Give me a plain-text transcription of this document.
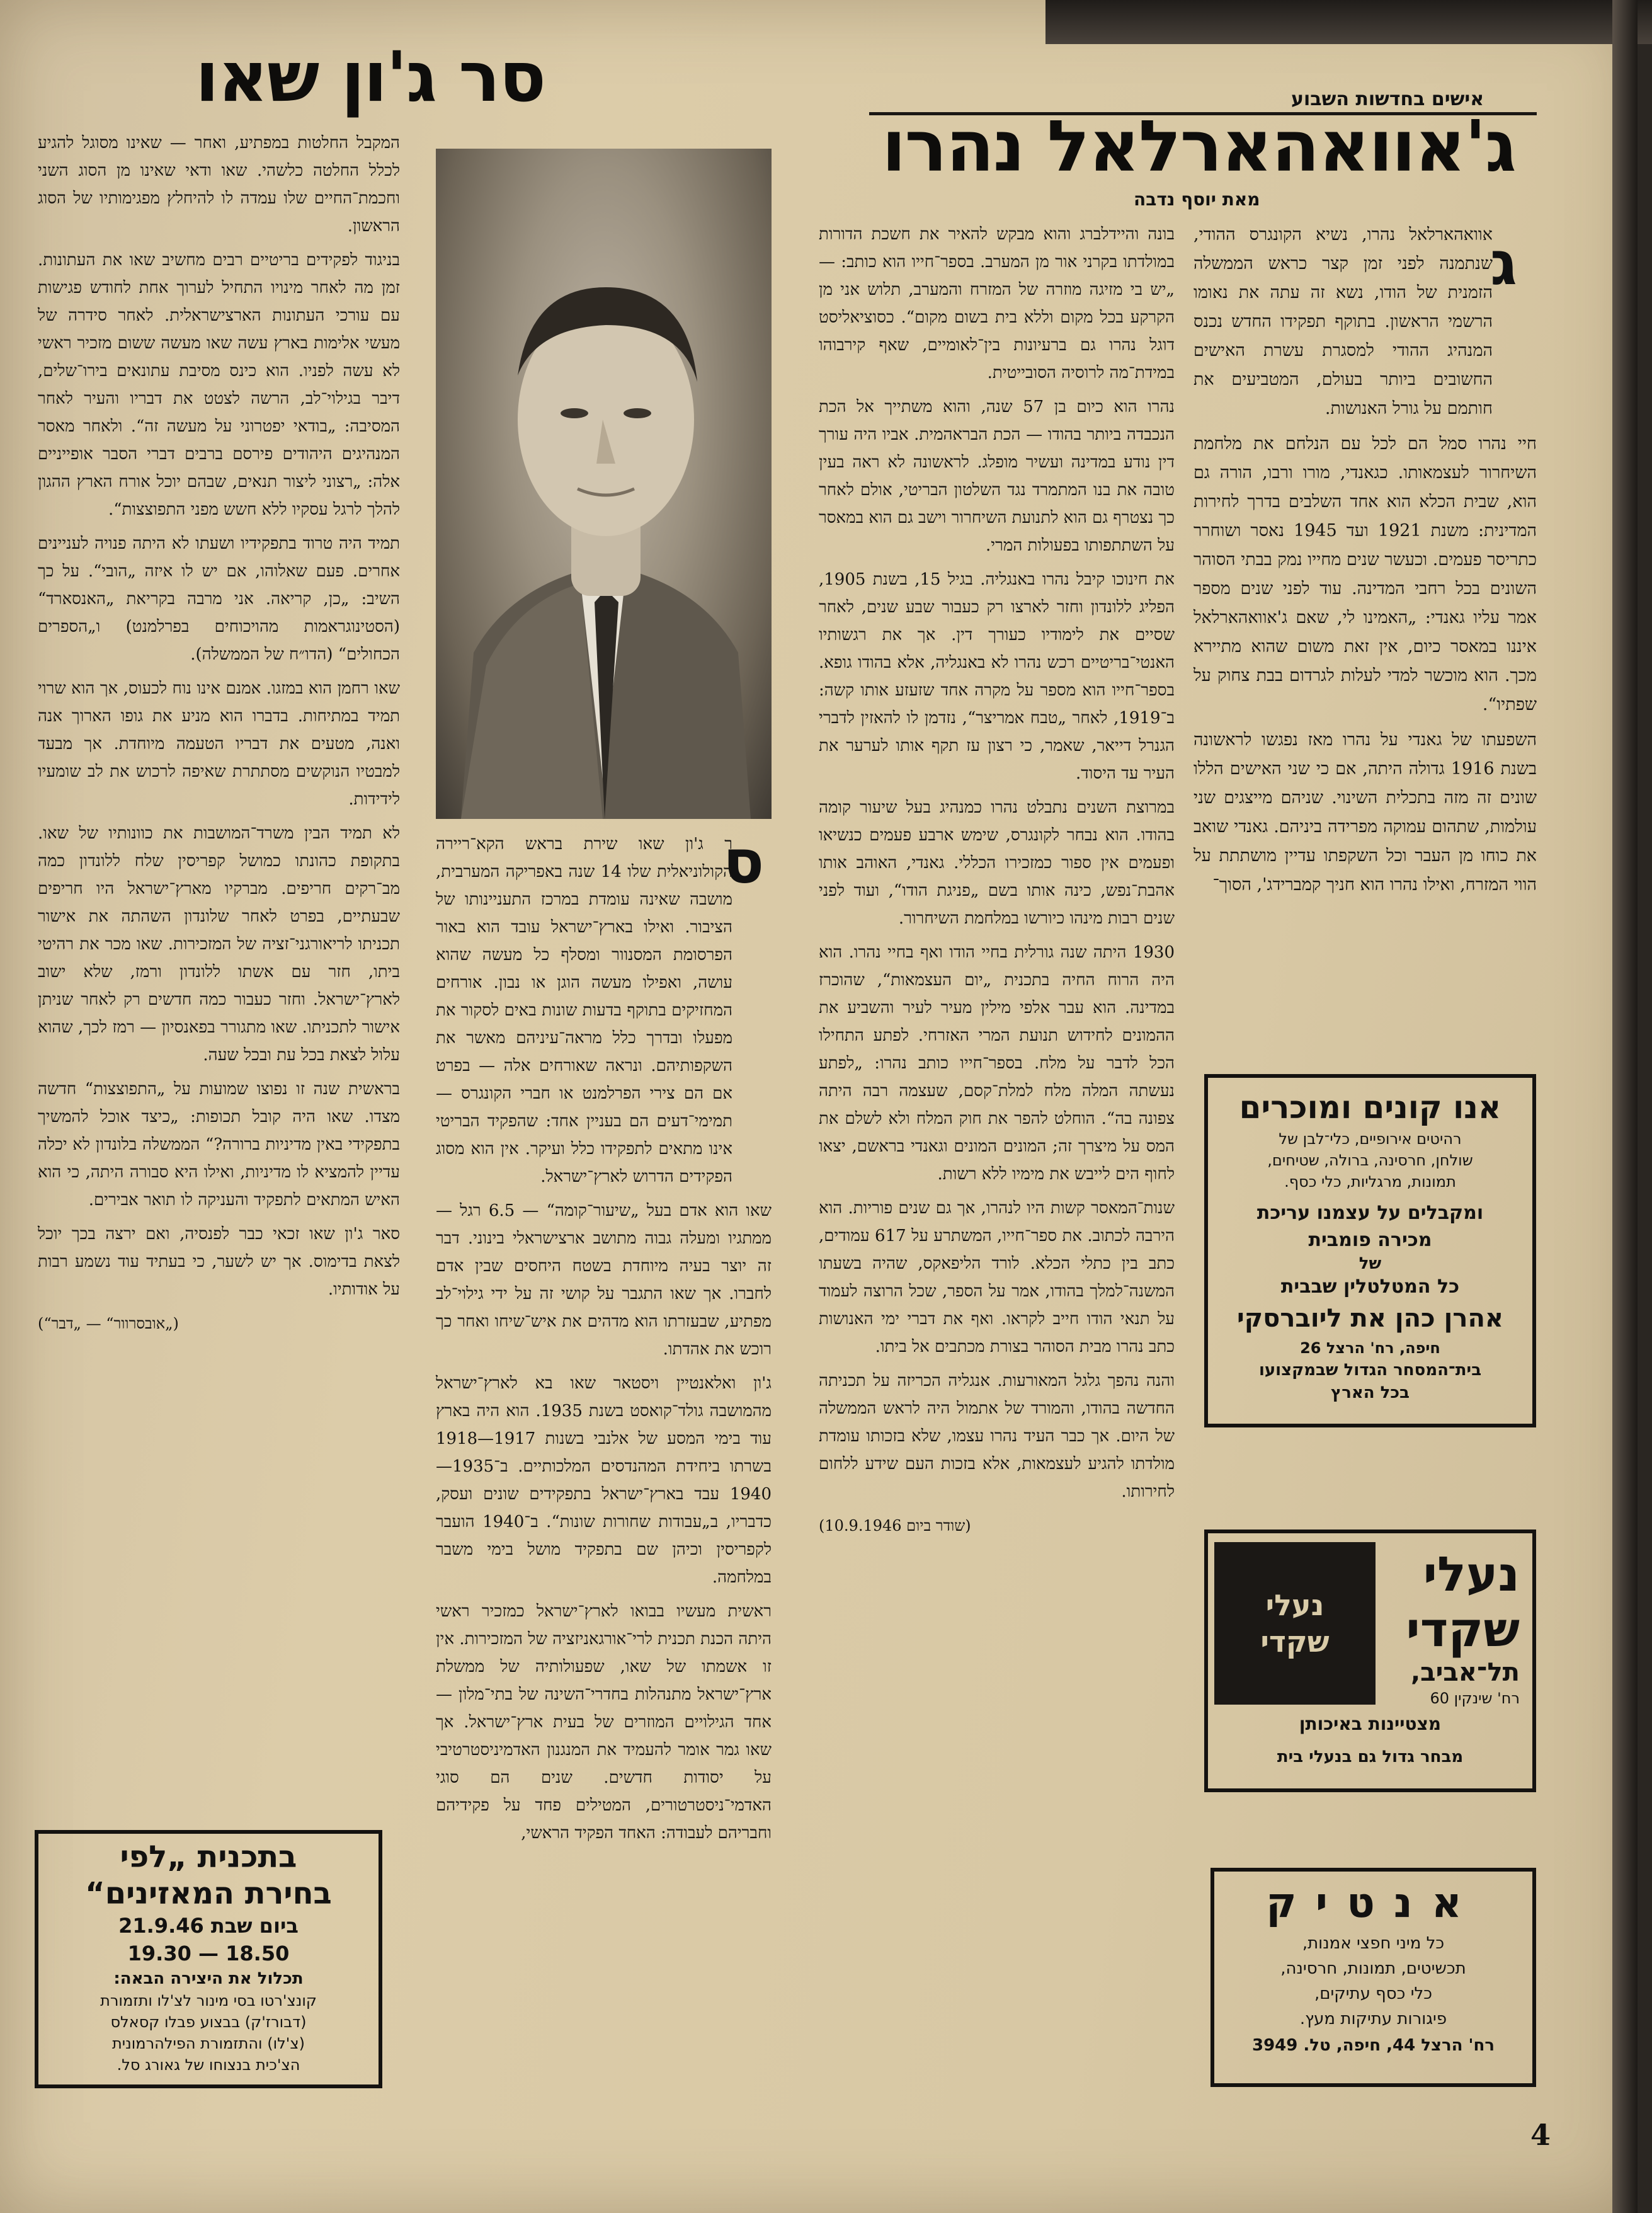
סר ג'ון שאו	אישים בחדשות השבוע
ג'אוואהארלאל נהרו
מאת יוסף נדבה
ג

אוואהארלאל נהרו, נשיא הקונגרס ההודי, שנתמנה לפני זמן קצר כראש הממשלה הזמנית של הודו, נשא זה עתה את נאומו הרשמי הראשון. בתוקף תפקידו החדש נכנס המנהיג ההודי למסגרת עשרת האישים החשובים ביותר בעולם, המטביעים את חותמם על גורל האנושות.

חיי נהרו סמל הם לכל עם הנלחם את מלחמת השיחרור לעצמאותו. כגאנדי, מורו ורבו, הורה גם הוא, שבית הכלא הוא אחד השלבים בדרך לחירות המדינית: משנת 1921 ועד 1945 נאסר ושוחרר כתריסר פעמים. וכעשר שנים מחייו נמק בבתי הסוהר השונים בכל רחבי המדינה. עוד לפני שנים מספר אמר עליו גאנדי: „האמינו לי, שאם ג'אוואהארלאל איננו במאסר כיום, אין זאת משום שהוא מתיירא מכך. הוא מוכשר למדי לעלות לגרדום בבת צחוק על שפתיו“.

השפעתו של גאנדי על נהרו מאז נפגשו לראשונה בשנת 1916 גדולה היתה, אם כי שני האישים הללו שונים זה מזה בתכלית השינוי. שניהם מייצגים שני עולמות, שתהום עמוקה מפרידה ביניהם. גאנדי שואב את כוחו מן העבר וכל השקפתו עדיין מושתתת על הווי המזרח, ואילו נהרו הוא חניך קמברידג', הסוך־

בונה והיידלברג והוא מבקש להאיר את חשכת הדורות במולדתו בקרני אור מן המערב. בספר־חייו הוא כותב: — „יש בי מזיגה מוזרה של המזרח והמערב, תלוש אני מן הקרקע בכל מקום וללא בית בשום מקום“. כסוציאליסט דוגל נהרו גם ברעיונות בין־לאומיים, שאף קירבוהו במידת־מה לרוסיה הסובייטית.

נהרו הוא כיום בן 57 שנה, והוא משתייך אל הכת הנכבדה ביותר בהודו — הכת הבראהמית. אביו היה עורך דין נודע במדינה ועשיר מופלג. לראשונה לא ראה בעין טובה את בנו המתמרד נגד השלטון הבריטי, אולם לאחר כך נצטרף גם הוא לתנועת השיחרור וישב גם הוא במאסר על השתתפותו בפעולות המרי.

את חינוכו קיבל נהרו באנגליה. בגיל 15, בשנת 1905, הפליג ללונדון וחזר לארצו רק כעבור שבע שנים, לאחר שסיים את לימודיו כעורך דין. אך את רגשותיו האנטי־בריטיים רכש נהרו לא באנגליה, אלא בהודו גופא. בספר־חייו הוא מספר על מקרה אחד שזעזע אותו קשה: ב־1919, לאחר „טבח אמריצר“, נזדמן לו להאזין לדברי הגנרל דייאר, שאמר, כי רצון עז תקף אותו לערער את העיר עד היסוד.

במרוצת השנים נתבלט נהרו כמנהיג בעל שיעור קומה בהודו. הוא נבחר לקונגרס, שימש ארבע פעמים כנשיאו ופעמים אין ספור כמזכירו הכללי. גאנדי, האוהב אותו אהבת־נפש, כינה אותו בשם „פניגת הודו“, ועוד לפני שנים רבות מינהו כיורשו במלחמת השיחרור.

1930 היתה שנה גורלית בחיי הודו ואף בחיי נהרו. הוא היה הרוח החיה בתכנית „יום העצמאות“, שהוכרז במדינה. הוא עבר אלפי מילין מעיר לעיר והשביע את ההמונים לחידוש תנועת המרי האזרחי. לפתע התחילו הכל לדבר על מלח. בספר־חייו כותב נהרו: „לפתע נעשתה המלה מלח למלת־קסם, שעצמה רבה היתה צפונה בה“. הוחלט להפר את חוק המלח ולא לשלם את המס על מיצרך זה; המונים המונים וגאנדי בראשם, יצאו לחוף הים לייבש את מימיו ללא רשות.

שנות־המאסר קשות היו לנהרו, אך גם שנים פוריות. הוא הירבה לכתוב. את ספר־חייו, המשתרע על 617 עמודים, כתב בין כתלי הכלא. לורד הליפאקס, שהיה בשעתו המשנה־למלך בהודו, אמר על הספר, שכל הרוצה לעמוד על תנאי הודו חייב לקראו. ואף את דברי ימי האנושות כתב נהרו מבית הסוהר בצורת מכתבים אל ביתו.

והנה נהפך גלגל המאורעות. אנגליה הכריזה על תכניתה החדשה בהודו, והמורד של אתמול היה לראש הממשלה של היום. אך כבר העיד נהרו עצמו, שלא בזכותו עומדת מולדתו להגיע לעצמאות, אלא בזכות העם שידע ללחום לחירותו.

(שודר ביום 10.9.1946)

ס

ר ג'ון שאו שירת בראש הקא־ריירה הקולוניאלית שלו 14 שנה באפריקה המערבית, מושבה שאינה עומדת במרכז התעניינותו של הציבור. ואילו בארץ־ישראל עובד הוא באור הפרסומת המסנוור ומסלף כל מעשה שהוא עושה, ואפילו מעשה הוגן או נבון. אורחים המחזיקים בתוקף בדעות שונות באים לסקור את מפעלו ובדרך כלל מראה־עיניהם מאשר את השקפותיהם. ונראה שאורחים אלה — בפרט אם הם צירי הפרלמנט או חברי הקונגרס — תמימי־דעים הם בעניין אחד: שהפקיד הבריטי אינו מתאים לתפקידו כלל ועיקר. אין הוא מסוג הפקידים הדרוש לארץ־ישראל.

שאו הוא אדם בעל „שיעור־קומה“ — 6.5 רגל — ממתגיו ומעלה גבוה מתושב ארצישראלי בינוני. דבר זה יוצר בעיה מיוחדת בשטח היחסים שבין אדם לחברו. אך שאו התגבר על קושי זה על ידי גילוי־לב מפתיע, שבעזרתו הוא מדהים את איש־שיחו ואחר כך רוכש את אהדתו.

ג'ון ואלאנטיין ויסטאר שאו בא לארץ־ישראל מהמושבה גולד־קואסט בשנת 1935. הוא היה בארץ עוד בימי המסע של אלנבי בשנות 1917—1918 בשרתו ביחידת המהנדסים המלכותיים. ב־1935—1940 עבד בארץ־ישראל בתפקידים שונים ועסק, כדבריו, ב„עבודות שחורות שונות“. ב־1940 הועבר לקפריסין וכיהן שם בתפקיד מושל בימי משבר במלחמה.

ראשית מעשיו בבואו לארץ־ישראל כמזכיר ראשי היתה הכנת תכנית לרי־אורגאניזציה של המזכירות. אין זו אשמתו של שאו, שפעולותיה של ממשלת ארץ־ישראל מתנהלות בחדרי־השינה של בתי־מלון — אחד הגילויים המוזרים של בעית ארץ־ישראל. אך שאו גמר אומר להעמיד את המנגנון האדמיניסטרטיבי על יסודות חדשים. שנים הם סוגי האדמי־ניסטרטורים, המטילים פחד על פקידיהם וחבריהם לעבודה: האחד הפקיד הראשי,

המקבל החלטות במפתיע, ואחר — שאינו מסוגל להגיע לכלל החלטה כלשהי. שאו ודאי שאינו מן הסוג השני וחכמת־החיים שלו עמדה לו להיחלץ מפגימותיו של הסוג הראשון.

בניגוד לפקידים בריטיים רבים מחשיב שאו את העתונות. זמן מה לאחר מינויו התחיל לערוך אחת לחודש פגישות עם עורכי העתונות הארצישראלית. לאחר סידרה של מעשי אלימות בארץ עשה שאו מעשה ששום מזכיר ראשי לא עשה לפניו. הוא כינס מסיבת עתונאים בירו־שלים, דיבר בגילוי־לב, הרשה לצטט את דבריו והעיר לאחר המסיבה: „בודאי יפטרוני על מעשה זה“. ולאחר מאסר המנהיגים היהודים פירסם ברבים דברי הסבר אופייניים אלה: „רצוני ליצור תנאים, שבהם יוכל אורח הארץ ההגון להלך לרגל עסקיו ללא חשש מפני התפוצצות“.

תמיד היה טרוד בתפקידיו ושעתו לא היתה פנויה לעניינים אחרים. פעם שאלוהו, אם יש לו איזה „הובי“. על כך השיב: „כן, קריאה. אני מרבה בקריאת „האנסארד“ (הסטינוגראמות מהויכוחים בפרלמנט) ו„הספרים הכחולים“ (הדו״ח של הממשלה).

שאו רחמן הוא במזגו. אמנם אינו נוח לכעוס, אך הוא שרוי תמיד במתיחות. בדברו הוא מניע את גופו הארוך אנה ואנה, מטעים את דבריו הטעמה מיוחדת. אך מבעד למבטיו הנוקשים מסתתרת שאיפה לרכוש את לב שומעיו לידידות.

לא תמיד הבין משרד־המושבות את כוונותיו של שאו. בתקופת כהונתו כמושל קפריסין שלח ללונדון כמה מב־רקים חריפים. מברקיו מארץ־ישראל היו חריפים שבעתיים, בפרט לאחר שלונדון השהתה את אישור תכניתו לריאורגני־זציה של המזכירות. שאו מכר את רהיטי ביתו, חזר עם אשתו ללונדון ורמז, שלא ישוב לארץ־ישראל. וחזר כעבור כמה חדשים רק לאחר שניתן אישור לתכניתו. שאו מתגורר בפאנסיון — רמז לכך, שהוא עלול לצאת בכל עת ובכל שעה.

בראשית שנה זו נפוצו שמועות על „התפוצצות“ חדשה מצדו. שאו היה קובל תכופות: „כיצד אוכל להמשיך בתפקידי באין מדיניות ברורה?“ הממשלה בלונדון לא יכלה עדיין להמציא לו מדיניות, ואילו היא סבורה היתה, כי הוא האיש המתאים לתפקיד והעניקה לו תואר אבירים.

סאר ג'ון שאו זכאי כבר לפנסיה, ואם ירצה בכך יוכל לצאת בדימוס. אך יש לשער, כי בעתיד עוד נשמע רבות על אודותיו.

(„אובסרוור“ — „דבר“)

בתכנית „לפי
בחירת המאזינים“
ביום שבת 21.9.46
19.30 — 18.50
תכלול את היצירה הבאה:
קונצ'רטו בסי מינור לצ'לו ותזמורת
(דבורז'ק) בבצוע פבלו קסאלס
(צ'לו) והתזמורת הפילהרמונית
הצ'כית בנצוחו של גאורג סל.
אנו קונים ומוכרים
רהיטים אירופיים, כלי־לבן של
שולחן, חרסינה, ברולה, שטיחים,
תמונות, מרגליות, כלי כסף.
ומקבלים על עצמנו עריכת
מכירה פומבית
של
כל המטלטלין שבבית
אהרן כהן את ליוברסקי
חיפה, רח' הרצל 26
בית־המסחר הגדול שבמקצועו
בכל הארץ
נעלי שקדי
נעלי
שקדי
תל־אביב,
רח' שינקין 60
מצטיינות באיכותן
מבחר גדול גם בנעלי בית
אנטיק
כל מיני חפצי אמנות,
תכשיטים, תמונות, חרסינה,
כלי כסף עתיקים,
פיגורות עתיקות מעץ.
רח' הרצל 44, חיפה, טל. 3949
4
